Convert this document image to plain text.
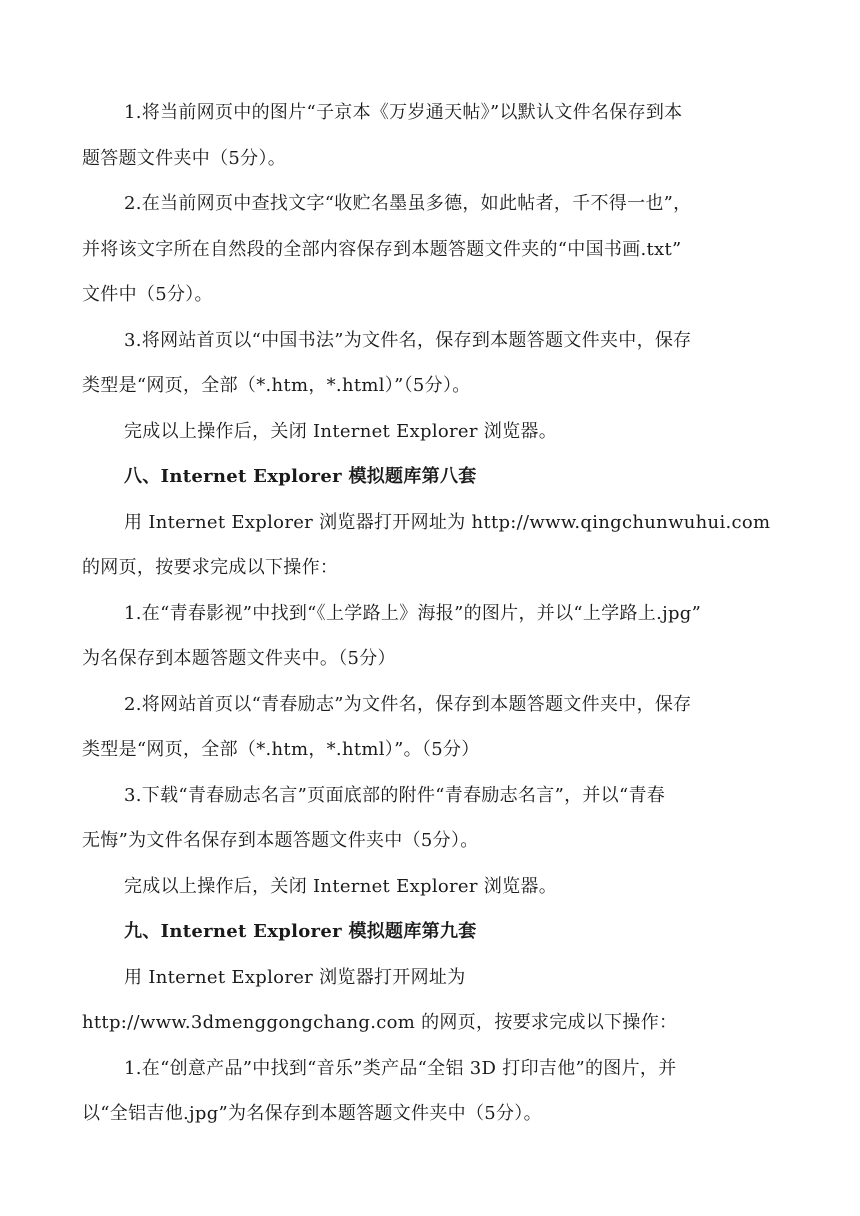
1.将当前网页中的图片“子京本《万岁通天帖》”以默认文件名保存到本
题答题文件夹中（5分）。
2.在当前网页中查找文字“收贮名墨虽多德，如此帖者，千不得一也”，
并将该文字所在自然段的全部内容保存到本题答题文件夹的“中国书画.txt”
文件中（5分）。
3.将网站首页以“中国书法”为文件名，保存到本题答题文件夹中，保存
类型是“网页，全部（*.htm，*.html）”（5分）。
完成以上操作后，关闭 Internet Explorer 浏览器。
八、Internet Explorer 模拟题库第八套
用 Internet Explorer 浏览器打开网址为 http://www.qingchunwuhui.com
的网页，按要求完成以下操作：
1.在“青春影视”中找到“《上学路上》海报”的图片，并以“上学路上.jpg”
为名保存到本题答题文件夹中。（5分）
2.将网站首页以“青春励志”为文件名，保存到本题答题文件夹中，保存
类型是“网页，全部（*.htm，*.html）”。（5分）
3.下载“青春励志名言”页面底部的附件“青春励志名言”，并以“青春
无悔”为文件名保存到本题答题文件夹中（5分）。
完成以上操作后，关闭 Internet Explorer 浏览器。
九、Internet Explorer 模拟题库第九套
用 Internet Explorer 浏览器打开网址为
http://www.3dmenggongchang.com 的网页，按要求完成以下操作：
1.在“创意产品”中找到“音乐”类产品“全铝 3D 打印吉他”的图片，并
以“全铝吉他.jpg”为名保存到本题答题文件夹中（5分）。
